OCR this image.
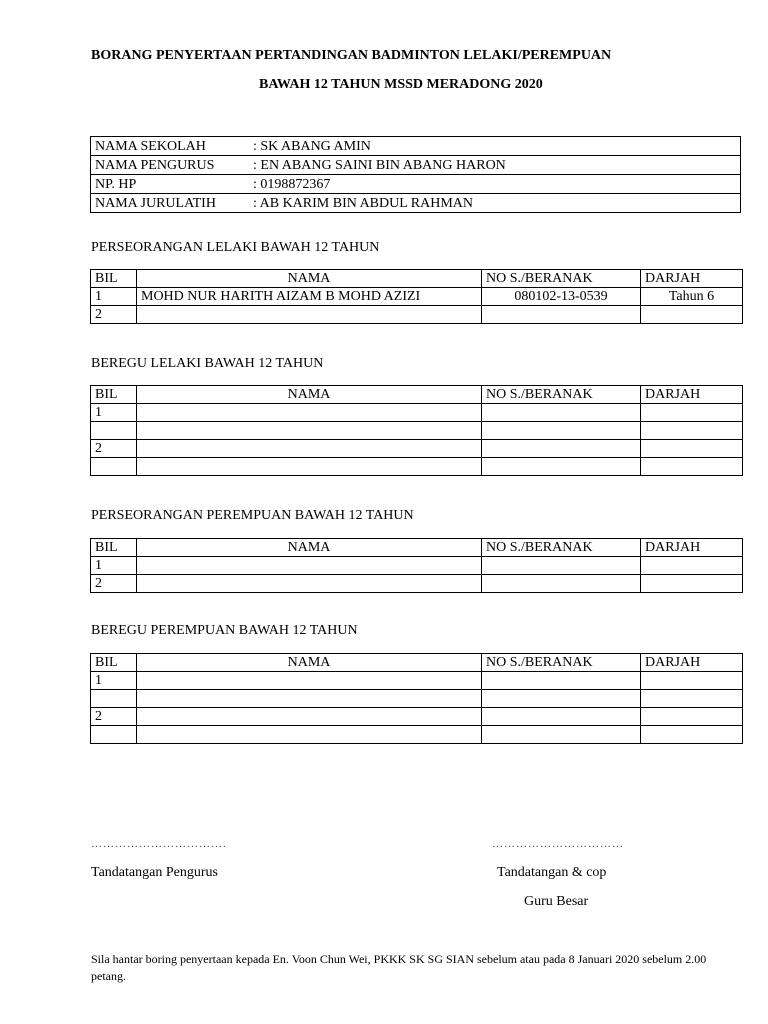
BORANG PENYERTAAN PERTANDINGAN BADMINTON LELAKI/PEREMPUAN
BAWAH 12 TAHUN MSSD MERADONG 2020
NAMA SEKOLAH	: SK ABANG AMIN
NAMA PENGURUS	: EN ABANG SAINI BIN ABANG HARON
NP. HP	: 0198872367
NAMA JURULATIH	: AB KARIM BIN ABDUL RAHMAN
PERSEORANGAN LELAKI BAWAH 12 TAHUN
BIL	NAMA	NO S./BERANAK	DARJAH
1	MOHD NUR HARITH AIZAM B MOHD AZIZI	080102-13-0539	Tahun 6
2			
BEREGU LELAKI BAWAH 12 TAHUN
BIL	NAMA	NO S./BERANAK	DARJAH
1			

2			

PERSEORANGAN PEREMPUAN BAWAH 12 TAHUN
BIL	NAMA	NO S./BERANAK	DARJAH
1			
2			
BEREGU PEREMPUAN BAWAH 12 TAHUN
BIL	NAMA	NO S./BERANAK	DARJAH
1			

2			

…………………………….
Tandatangan Pengurus
……………………………
Tandatangan & cop
Guru Besar
Sila hantar boring penyertaan kepada En. Voon Chun Wei, PKKK SK SG SIAN sebelum atau pada 8 Januari 2020 sebelum 2.00 petang.
